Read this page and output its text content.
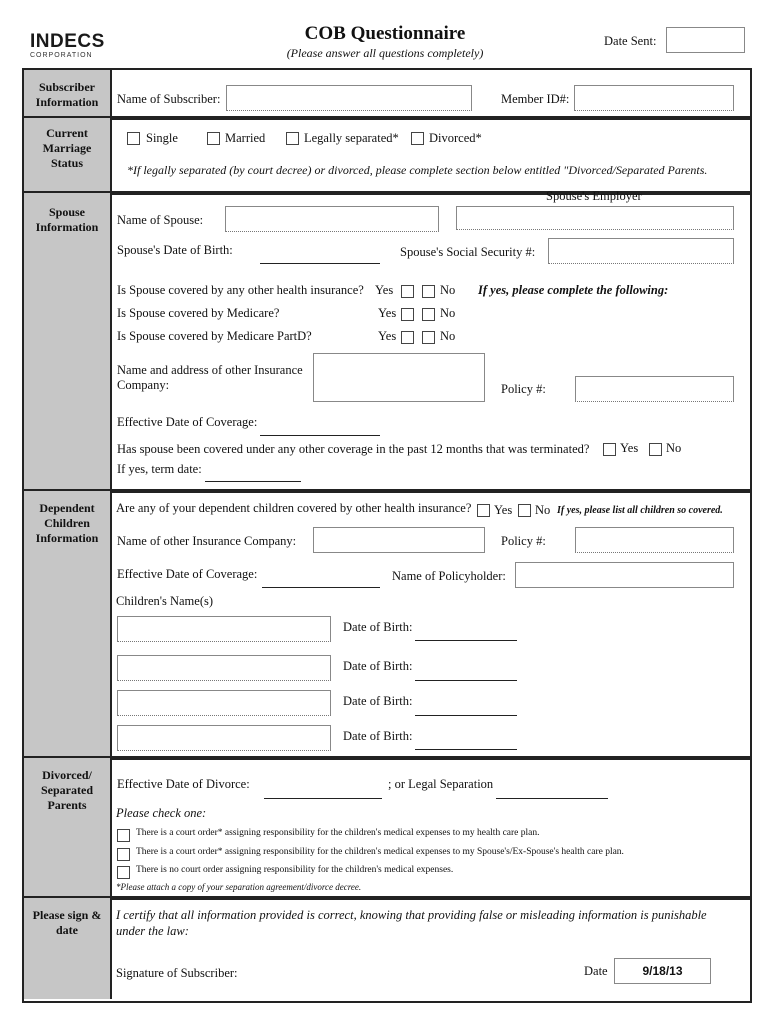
INDECS
CORPORATION
COB Questionnaire
(Please answer all questions completely)
Date Sent:
Subscriber
Information	Name of Subscriber:	Member ID#:
Current
Marriage
Status
Single	Married	Legally separated* Divorced*
*If legally separated (by court decree) or divorced, please complete section below entitled "Divorced/Separated Parents.
Spouse
Information
Spouse's Employer
Name of Spouse:
Spouse's Date of Birth:	Spouse's Social Security #:
Is Spouse covered by any other health insurance? Yes	No If yes, please complete the following:
Is Spouse covered by Medicare?	Yes	No
Is Spouse covered by Medicare PartD?	Yes	No
Name and address of other Insurance
Company:	Policy #:
Effective Date of Coverage:
Has spouse been covered under any other coverage in the past 12 months that was terminated? Yes No
If yes, term date:
Dependent
Children
Information
Are any of your dependent children covered by other health insurance? Yes No If yes, please list all children so covered.
Name of other Insurance Company:	Policy #:
Effective Date of Coverage:	Name of Policyholder:
Children's Name(s)
Date of Birth:
Date of Birth:
Date of Birth:
Date of Birth:
Divorced/
Separated
Parents
Effective Date of Divorce:	; or Legal Separation
Please check one:
There is a court order* assigning responsibility for the children's medical expenses to my health care plan.
There is a court order* assigning responsibility for the children's medical expenses to my Spouse's/Ex-Spouse's health care plan.
There is no court order assigning responsibility for the children's medical expenses.
*Please attach a copy of your separation agreement/divorce decree.
Please sign &
date
I certify that all information provided is correct, knowing that providing false or misleading information is punishable
under the law:
Signature of Subscriber:	Date	9/18/13
